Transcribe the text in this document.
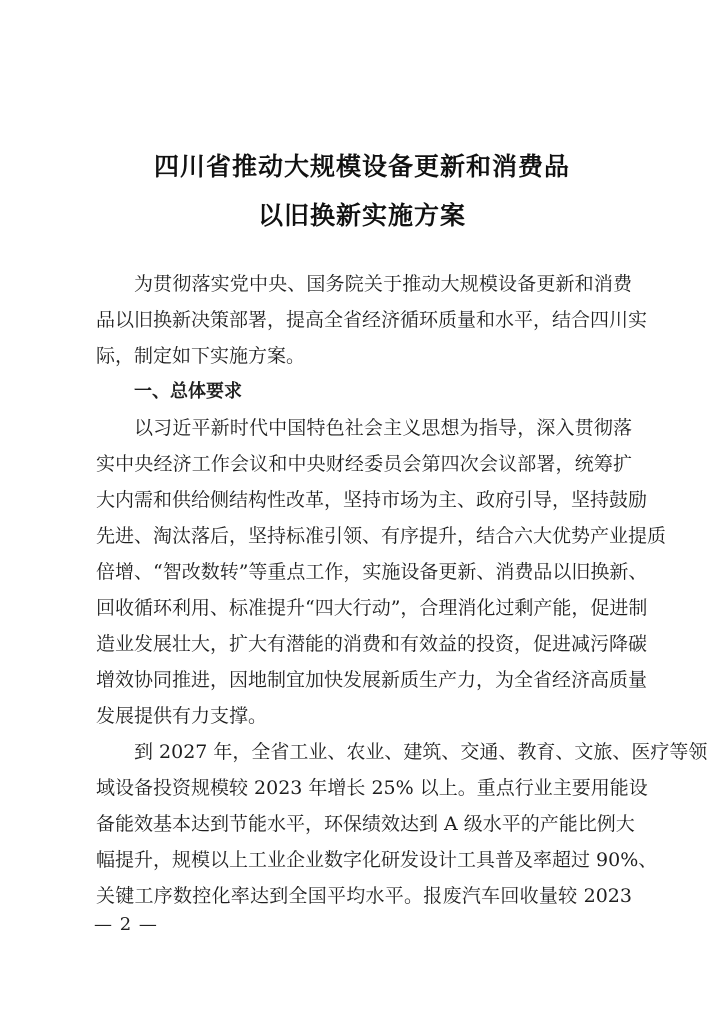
四川省推动大规模设备更新和消费品
以旧换新实施方案
为贯彻落实党中央、国务院关于推动大规模设备更新和消费
品以旧换新决策部署，提高全省经济循环质量和水平，结合四川实
际，制定如下实施方案。
一、总体要求
以习近平新时代中国特色社会主义思想为指导，深入贯彻落
实中央经济工作会议和中央财经委员会第四次会议部署，统筹扩
大内需和供给侧结构性改革，坚持市场为主、政府引导，坚持鼓励
先进、淘汰落后，坚持标准引领、有序提升，结合六大优势产业提质
倍增、“智改数转”等重点工作，实施设备更新、消费品以旧换新、
回收循环利用、标准提升“四大行动”，合理消化过剩产能，促进制
造业发展壮大，扩大有潜能的消费和有效益的投资，促进减污降碳
增效协同推进，因地制宜加快发展新质生产力，为全省经济高质量
发展提供有力支撑。
到 2027 年，全省工业、农业、建筑、交通、教育、文旅、医疗等领
域设备投资规模较 2023 年增长 25% 以上。重点行业主要用能设
备能效基本达到节能水平，环保绩效达到 A 级水平的产能比例大
幅提升，规模以上工业企业数字化研发设计工具普及率超过 90%、
关键工序数控化率达到全国平均水平。报废汽车回收量较 2023
— 2 —
